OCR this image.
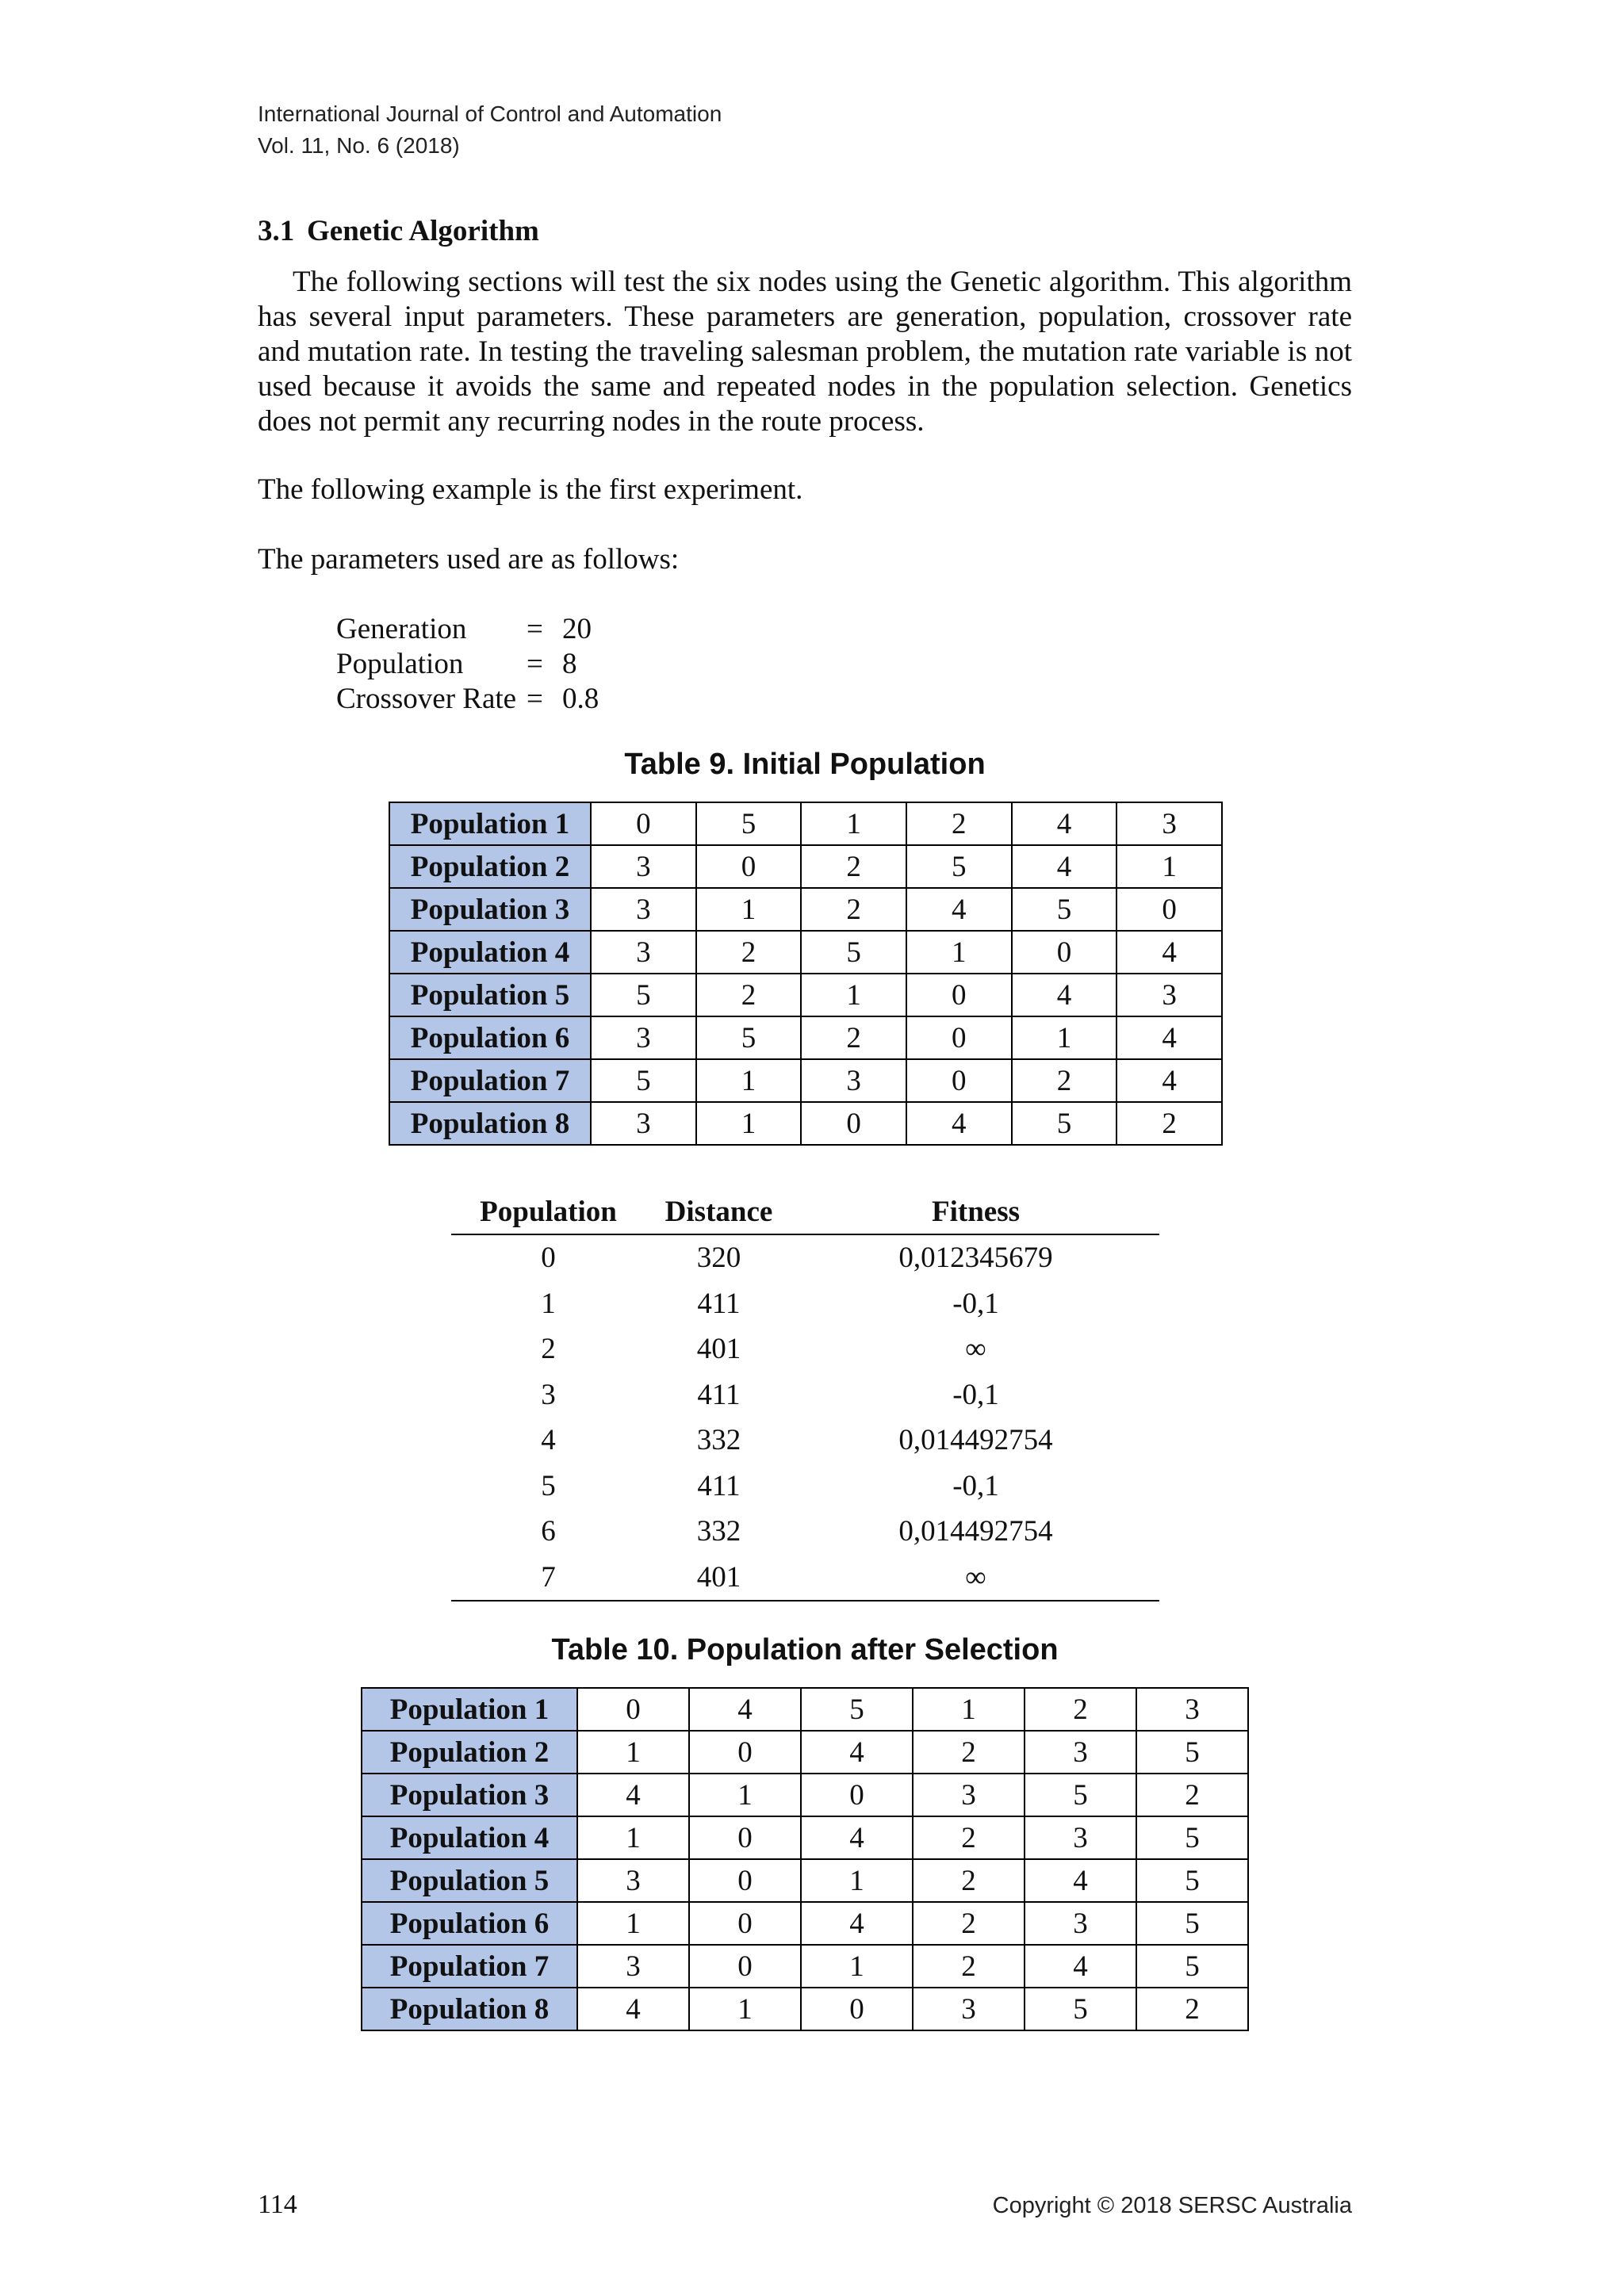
International Journal of Control and Automation
Vol. 11, No. 6 (2018)
3.1 Genetic Algorithm

The following sections will test the six nodes using the Genetic algorithm. This algorithm has several input parameters. These parameters are generation, population, crossover rate and mutation rate. In testing the traveling salesman problem, the mutation rate variable is not used because it avoids the same and repeated nodes in the population selection. Genetics does not permit any recurring nodes in the route process.

The following example is the first experiment.

The parameters used are as follows:

Generation	=	20
Population	=	8
Crossover Rate	=	0.8
Table 9. Initial Population
Population 1	0	5	1	2	4	3
Population 2	3	0	2	5	4	1
Population 3	3	1	2	4	5	0
Population 4	3	2	5	1	0	4
Population 5	5	2	1	0	4	3
Population 6	3	5	2	0	1	4
Population 7	5	1	3	0	2	4
Population 8	3	1	0	4	5	2
Population	Distance	Fitness
0	320	0,012345679
1	411	-0,1
2	401	∞
3	411	-0,1
4	332	0,014492754
5	411	-0,1
6	332	0,014492754
7	401	∞
Table 10. Population after Selection
Population 1	0	4	5	1	2	3
Population 2	1	0	4	2	3	5
Population 3	4	1	0	3	5	2
Population 4	1	0	4	2	3	5
Population 5	3	0	1	2	4	5
Population 6	1	0	4	2	3	5
Population 7	3	0	1	2	4	5
Population 8	4	1	0	3	5	2
114	Copyright © 2018 SERSC Australia
